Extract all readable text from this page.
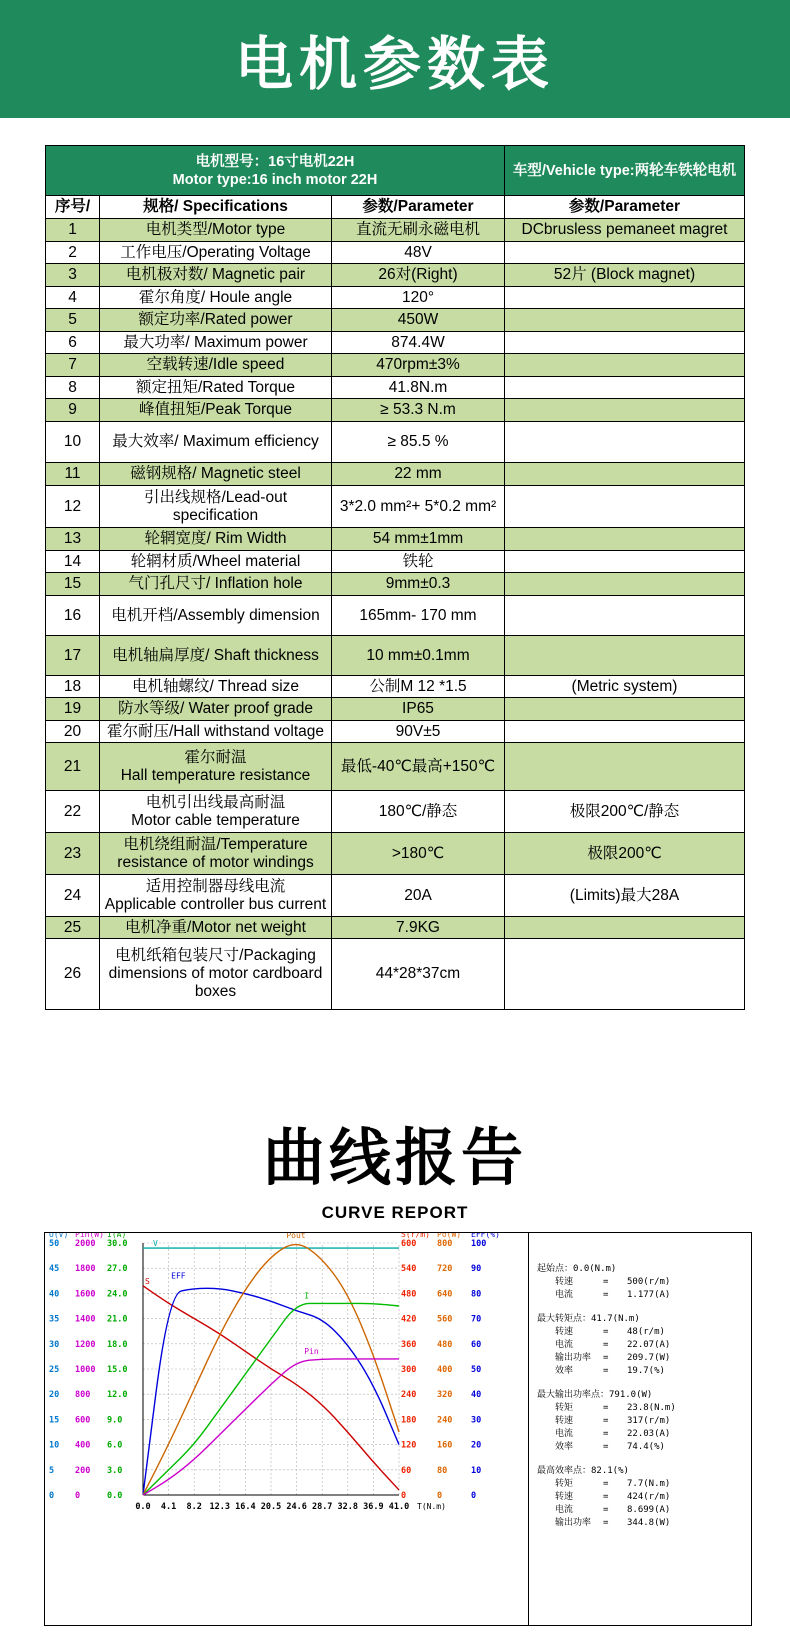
电机参数表
电机型号：16寸电机22H
Motor type:16 inch motor 22H			车型/Vehicle type:两轮车铁轮电机
序号/	规格/ Specifications	参数/Parameter	参数/Parameter
1	电机类型/Motor type	直流无刷永磁电机	DCbrusless pemaneet magret
2	工作电压/Operating Voltage	48V	
3	电机极对数/ Magnetic pair	26对(Right)	52片 (Block magnet)
4	霍尔角度/ Houle angle	120°	
5	额定功率/Rated power	450W	
6	最大功率/ Maximum power	874.4W	
7	空载转速/Idle speed	470rpm±3%	
8	额定扭矩/Rated Torque	41.8N.m	
9	峰值扭矩/Peak Torque	≥ 53.3 N.m	
10	最大效率/ Maximum efficiency	≥ 85.5 %	
11	磁钢规格/ Magnetic steel	22 mm	
12	引出线规格/Lead-out specification	3*2.0 mm²+ 5*0.2 mm²	
13	轮辋宽度/ Rim Width	54 mm±1mm	
14	轮辋材质/Wheel material	铁轮	
15	气门孔尺寸/ Inflation hole	9mm±0.3	
16	电机开档/Assembly dimension	165mm- 170 mm	
17	电机轴扁厚度/ Shaft thickness	10 mm±0.1mm	
18	电机轴螺纹/ Thread size	公制M 12 *1.5	(Metric system)
19	防水等级/ Water proof grade	IP65	
20	霍尔耐压/Hall withstand voltage	90V±5	
21	霍尔耐温
Hall temperature resistance	最低-40℃最高+150℃	
22	电机引出线最高耐温
Motor cable temperature	180℃/静态	极限200℃/静态
23	电机绕组耐温/Temperature
resistance of motor windings	>180℃	极限200℃
24	适用控制器母线电流
Applicable controller bus current	20A	(Limits)最大28A
25	电机净重/Motor net weight	7.9KG	
26	电机纸箱包装尺寸/Packaging dimensions of motor cardboard boxes	44*28*37cm	
曲线报告
CURVE REPORT
U(V)
0
5
10
15
20
25
30
35
40
45
50
Pin(W)
0
200
400
600
800
1000
1200
1400
1600
1800
2000
I(A)
0.0
3.0
6.0
9.0
12.0
15.0
18.0
21.0
24.0
27.0
30.0
S(r/m)
0
60
120
180
240
300
360
420
480
540
600
Po(W)
0
80
160
240
320
400
480
560
640
720
800
EFF(%)
0
10
20
30
40
50
60
70
80
90
100
0.0 4.1 8.2 12.3 16.4 20.5 24.6 28.7 32.8 36.9 41.0 T(N.m)
V
S
EFF
Pout
I
Pin
起始点：0.0(N.m)
转速	=	500(r/m)
电流	=	1.177(A)
最大转矩点：41.7(N.m)
转速	=	48(r/m)
电流	=	22.07(A)
输出功率	=	209.7(W)
效率	=	19.7(%)
最大输出功率点：791.0(W)
转矩	=	23.8(N.m)
转速	=	317(r/m)
电流	=	22.03(A)
效率	=	74.4(%)
最高效率点：82.1(%)
转矩	=	7.7(N.m)
转速	=	424(r/m)
电流	=	8.699(A)
输出功率	=	344.8(W)
